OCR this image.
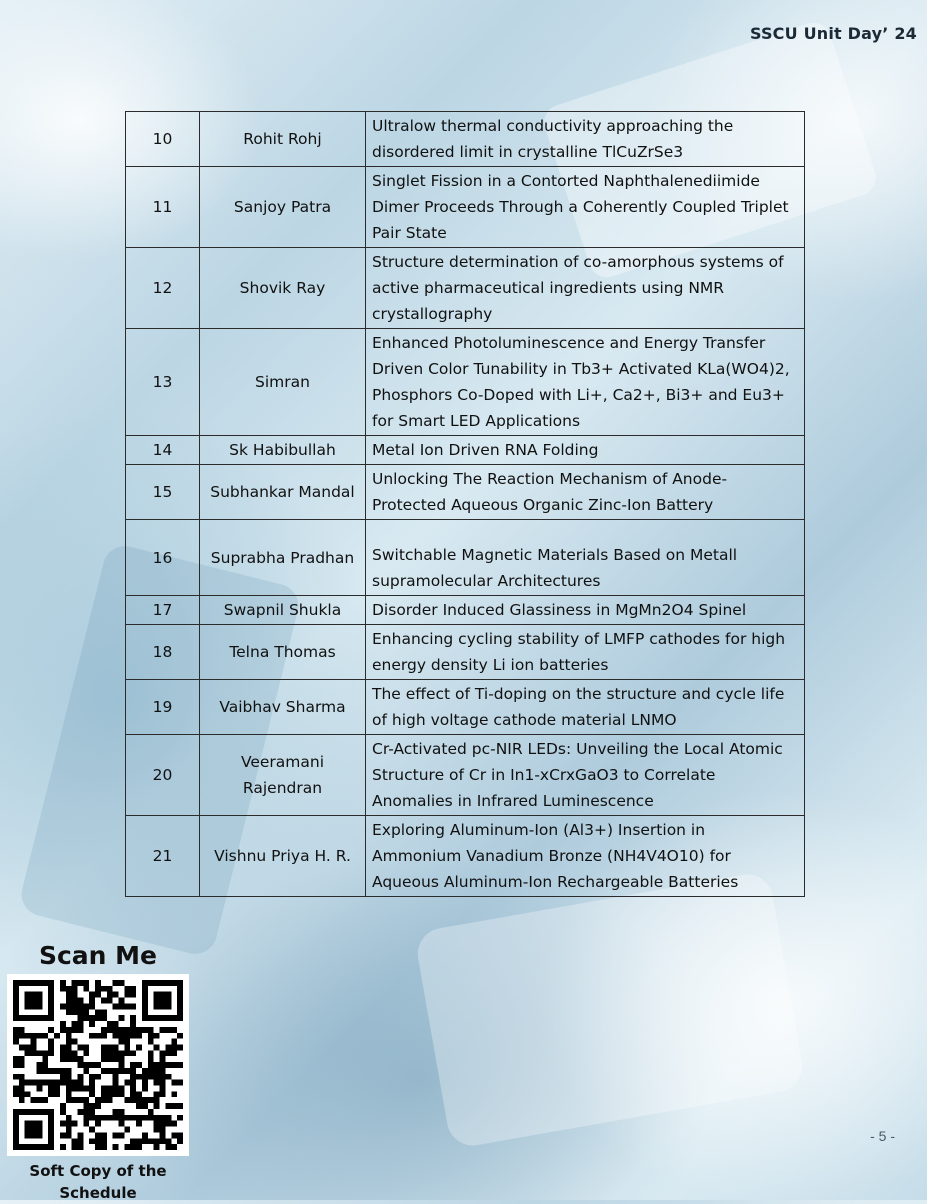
SSCU Unit Day’ 24
10	Rohit Rohj	Ultralow thermal conductivity approaching the disordered limit in crystalline TlCuZrSe3
11	Sanjoy Patra	Singlet Fission in a Contorted Naphthalenediimide Dimer Proceeds Through a Coherently Coupled Triplet Pair State
12	Shovik Ray	Structure determination of co-amorphous systems of active pharmaceutical ingredients using NMR crystallography
13	Simran	Enhanced Photoluminescence and Energy Transfer Driven Color Tunability in Tb3+ Activated KLa(WO4)2, Phosphors Co-Doped with Li+, Ca2+, Bi3+ and Eu3+ for Smart LED Applications
14	Sk Habibullah	Metal Ion Driven RNA Folding
15	Subhankar Mandal	Unlocking The Reaction Mechanism of Anode-Protected Aqueous Organic Zinc-Ion Battery
16	Suprabha Pradhan	Switchable Magnetic Materials Based on Metall supramolecular Architectures
17	Swapnil Shukla	Disorder Induced Glassiness in MgMn2O4 Spinel
18	Telna Thomas	Enhancing cycling stability of LMFP cathodes for high energy density Li ion batteries
19	Vaibhav Sharma	The effect of Ti-doping on the structure and cycle life of high voltage cathode material LNMO
20	Veeramani Rajendran	Cr-Activated pc-NIR LEDs: Unveiling the Local Atomic Structure of Cr in In1-xCrxGaO3 to Correlate Anomalies in Infrared Luminescence
21	Vishnu Priya H. R.	Exploring Aluminum-Ion (Al3+) Insertion in Ammonium Vanadium Bronze (NH4V4O10) for Aqueous Aluminum-Ion Rechargeable Batteries
Scan Me
Soft Copy of the Schedule
- 5 -
